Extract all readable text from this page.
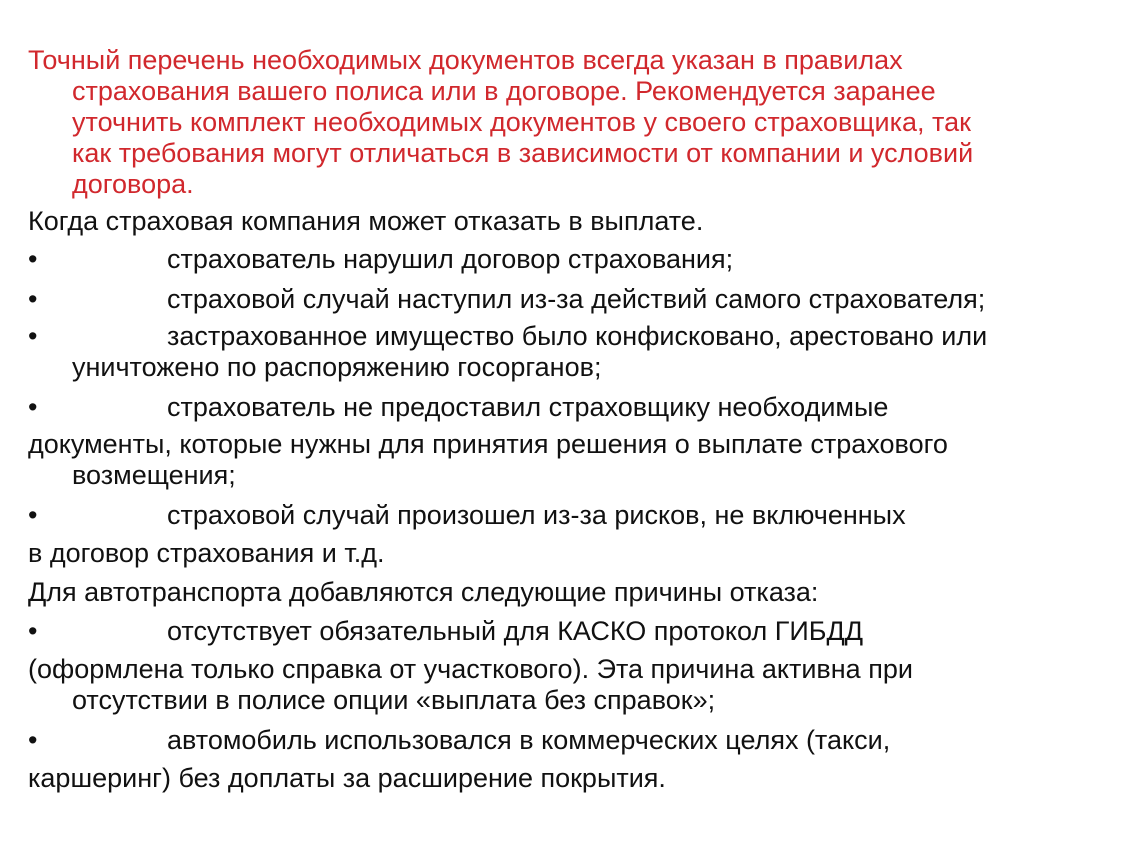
Точный перечень необходимых документов всегда указан в правилах
страхования вашего полиса или в договоре. Рекомендуется заранее
уточнить комплект необходимых документов у своего страховщика, так
как требования могут отличаться в зависимости от компании и условий
договора.
Когда страховая компания может отказать в выплате.
•	страхователь нарушил договор страхования;
•	страховой случай наступил из-за действий самого страхователя;
•	застрахованное имущество было конфисковано, арестовано или
уничтожено по распоряжению госорганов;
•	страхователь не предоставил страховщику необходимые
документы, которые нужны для принятия решения о выплате страхового
возмещения;
•	страховой случай произошел из-за рисков, не включенных
в договор страхования и т.д.
Для автотранспорта добавляются следующие причины отказа:
•	отсутствует обязательный для КАСКО протокол ГИБДД
(оформлена только справка от участкового). Эта причина активна при
отсутствии в полисе опции «выплата без справок»;
•	автомобиль использовался в коммерческих целях (такси,
каршеринг) без доплаты за расширение покрытия.
